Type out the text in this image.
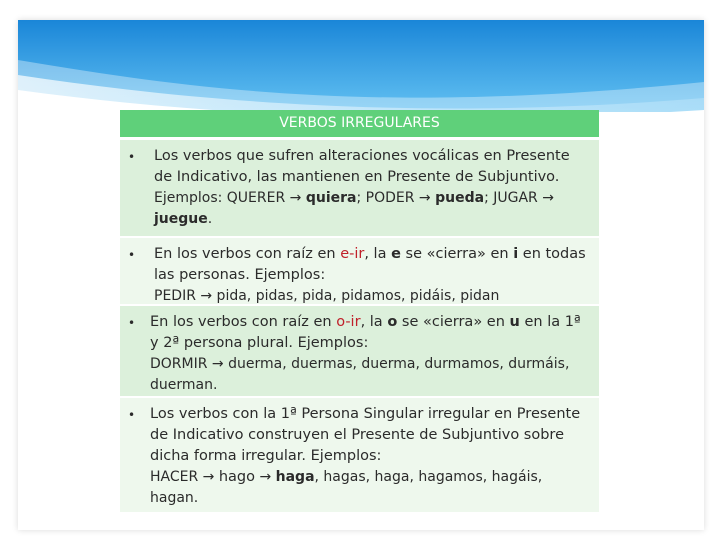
VERBOS IRREGULARES
•	Los verbos que sufren alteraciones vocálicas en Presente de Indicativo, las mantienen en Presente de Subjuntivo. Ejemplos: QUERER → quiera; PODER → pueda; JUGAR → juegue.
•	En los verbos con raíz en e-ir, la e se «cierra» en i en todas las personas. Ejemplos:
PEDIR → pida, pidas, pida, pidamos, pidáis, pidan
•	En los verbos con raíz en o-ir, la o se «cierra» en u en la 1ª y 2ª persona plural. Ejemplos:
DORMIR → duerma, duermas, duerma, durmamos, durmáis, duerman.
•	Los verbos con la 1ª Persona Singular irregular en Presente de Indicativo construyen el Presente de Subjuntivo sobre dicha forma irregular. Ejemplos:
HACER → hago → haga, hagas, haga, hagamos, hagáis, hagan.
